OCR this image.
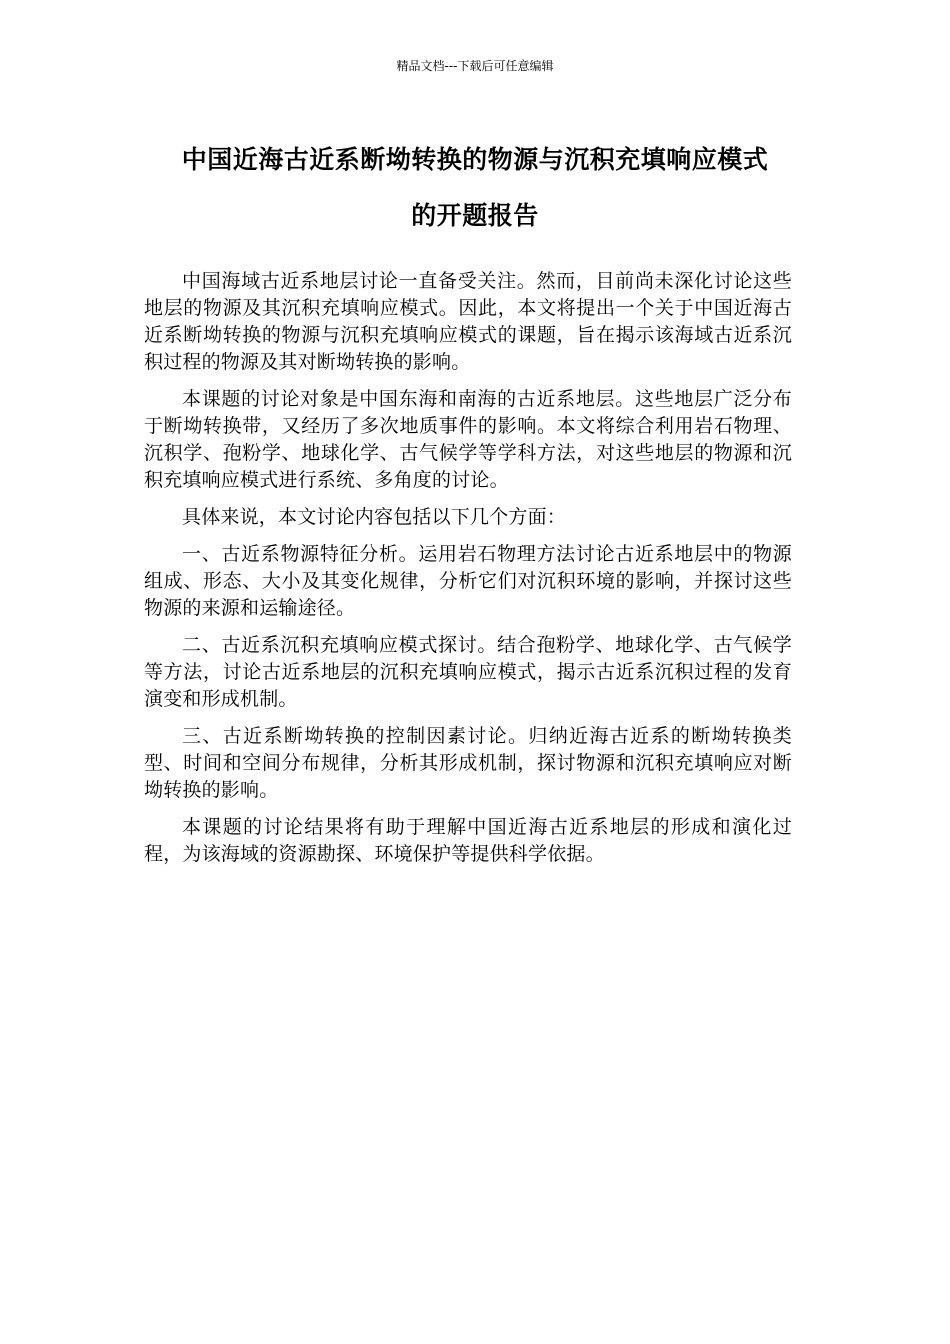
精品文档---下载后可任意编辑
中国近海古近系断坳转换的物源与沉积充填响应模式
的开题报告

中国海域古近系地层讨论一直备受关注。然而，目前尚未深化讨论这些地层的物源及其沉积充填响应模式。因此，本文将提出一个关于中国近海古近系断坳转换的物源与沉积充填响应模式的课题，旨在揭示该海域古近系沉积过程的物源及其对断坳转换的影响。

本课题的讨论对象是中国东海和南海的古近系地层。这些地层广泛分布于断坳转换带，又经历了多次地质事件的影响。本文将综合利用岩石物理、沉积学、孢粉学、地球化学、古气候学等学科方法，对这些地层的物源和沉积充填响应模式进行系统、多角度的讨论。

具体来说，本文讨论内容包括以下几个方面：

一、古近系物源特征分析。运用岩石物理方法讨论古近系地层中的物源组成、形态、大小及其变化规律，分析它们对沉积环境的影响，并探讨这些物源的来源和运输途径。

二、古近系沉积充填响应模式探讨。结合孢粉学、地球化学、古气候学等方法，讨论古近系地层的沉积充填响应模式，揭示古近系沉积过程的发育演变和形成机制。

三、古近系断坳转换的控制因素讨论。归纳近海古近系的断坳转换类型、时间和空间分布规律，分析其形成机制，探讨物源和沉积充填响应对断坳转换的影响。

本课题的讨论结果将有助于理解中国近海古近系地层的形成和演化过程，为该海域的资源勘探、环境保护等提供科学依据。
